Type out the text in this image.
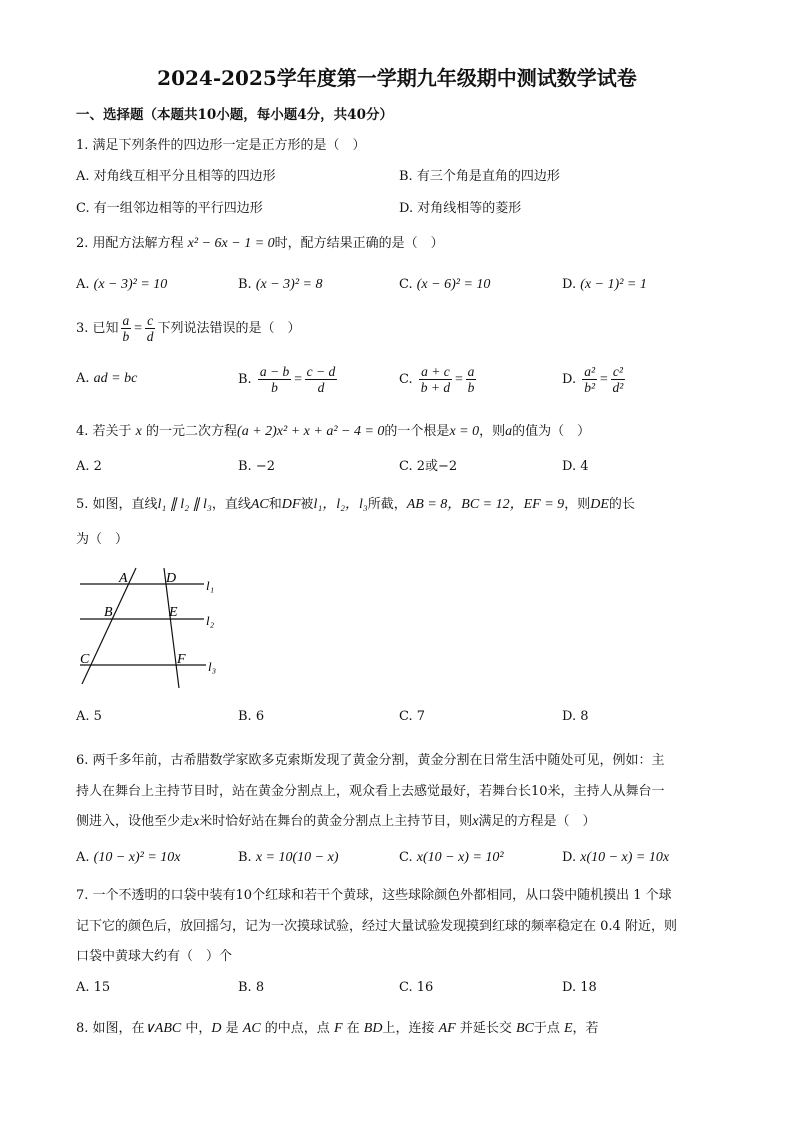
2024-2025学年度第一学期九年级期中测试数学试卷
一、选择题（本题共10小题，每小题4分，共40分）
1. 满足下列条件的四边形一定是正方形的是（　）
A. 对角线互相平分且相等的四边形	B. 有三个角是直角的四边形
C. 有一组邻边相等的平行四边形	D. 对角线相等的菱形
2. 用配方法解方程 x² − 6x − 1 = 0时，配方结果正确的是（　）
A. (x − 3)² = 10	B. (x − 3)² = 8	C. (x − 6)² = 10	D. (x − 1)² = 1
3. 已知 $\frac{a}{b} = \frac{c}{d}$ 下列说法错误的是（　）
A. ad = bc	B. $\frac{a - b}{b} = \frac{c - d}{d}$	C. $\frac{a + c}{b + d} = \frac{a}{b}$	D. $\frac{\text{a²}}{\text{b²}} = \frac{\text{c²}}{\text{d²}}$
4. 若关于 x 的一元二次方程(a + 2)x² + x + a² − 4 = 0的一个根是x = 0，则a的值为（　）
A. 2	B. −2	C. 2或−2	D. 4
5. 如图，直线l₁ ∥ l₂ ∥ l₃，直线AC和DF被l₁，l₂，l₃所截，AB = 8，BC = 12，EF = 9，则DE的长
为（　）
A	D l₁
B	E
l₂
C	F l₃
A. 5	B. 6	C. 7	D. 8
6. 两千多年前，古希腊数学家欧多克索斯发现了黄金分割，黄金分割在日常生活中随处可见，例如：主
持人在舞台上主持节目时，站在黄金分割点上，观众看上去感觉最好，若舞台长10米，主持人从舞台一
侧进入，设他至少走x米时恰好站在舞台的黄金分割点上主持节目，则x满足的方程是（　）
A. (10 − x)² = 10x	B. x = 10(10 − x)	C. x(10 − x) = 10²	D. x(10 − x) = 10x
7. 一个不透明的口袋中装有10个红球和若干个黄球，这些球除颜色外都相同，从口袋中随机摸出 1 个球
记下它的颜色后，放回摇匀，记为一次摸球试验，经过大量试验发现摸到红球的频率稳定在 0.4 附近，则
口袋中黄球大约有（　）个
A. 15	B. 8	C. 16	D. 18
8. 如图，在∨ABC 中，D 是 AC 的中点，点 F 在 BD上，连接 AF 并延长交 BC于点 E，若
